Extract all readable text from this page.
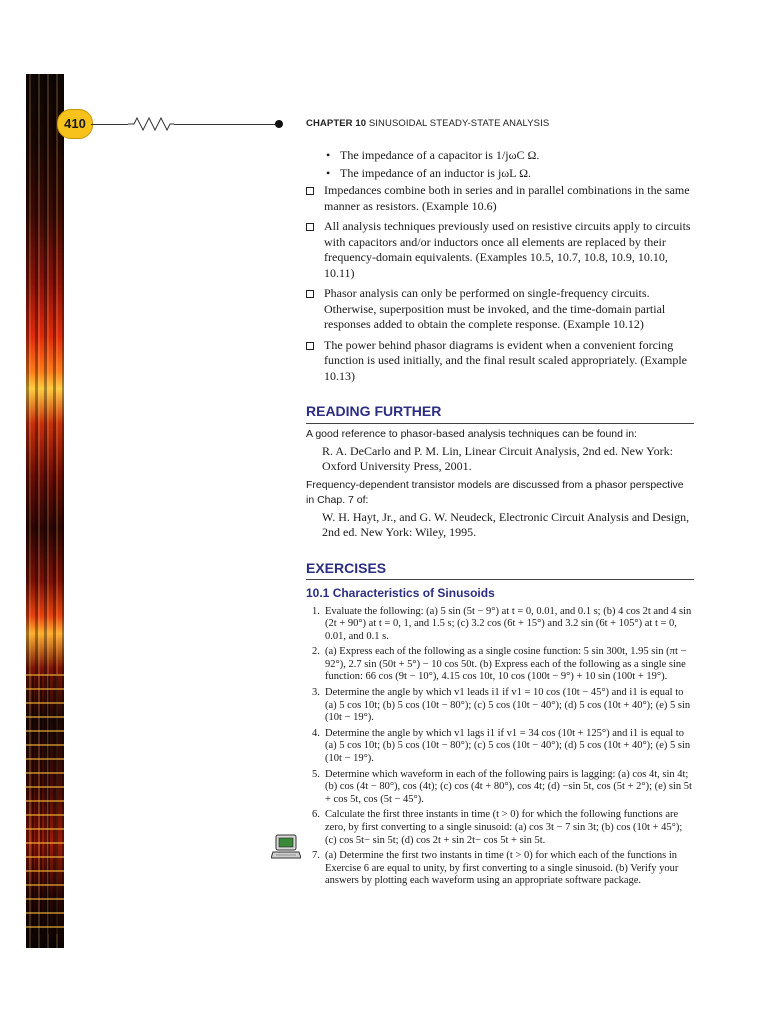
410	CHAPTER 10 SINUSOIDAL STEADY-STATE ANALYSIS

• The impedance of a capacitor is 1/jωC Ω.

• The impedance of an inductor is jωL Ω.

Impedances combine both in series and in parallel combinations in the same manner as resistors. (Example 10.6)
All analysis techniques previously used on resistive circuits apply to circuits with capacitors and/or inductors once all elements are replaced by their frequency-domain equivalents. (Examples 10.5, 10.7, 10.8, 10.9, 10.10, 10.11)
Phasor analysis can only be performed on single-frequency circuits. Otherwise, superposition must be invoked, and the time-domain partial responses added to obtain the complete response. (Example 10.12)
The power behind phasor diagrams is evident when a convenient forcing function is used initially, and the final result scaled appropriately. (Example 10.13)
READING FURTHER

A good reference to phasor-based analysis techniques can be found in:

R. A. DeCarlo and P. M. Lin, Linear Circuit Analysis, 2nd ed. New York: Oxford University Press, 2001.

Frequency-dependent transistor models are discussed from a phasor perspective in Chap. 7 of:

W. H. Hayt, Jr., and G. W. Neudeck, Electronic Circuit Analysis and Design, 2nd ed. New York: Wiley, 1995.

EXERCISES
10.1 Characteristics of Sinusoids
1. Evaluate the following: (a) 5 sin (5t − 9°) at t = 0, 0.01, and 0.1 s; (b) 4 cos 2t and 4 sin (2t + 90°) at t = 0, 1, and 1.5 s; (c) 3.2 cos (6t + 15°) and 3.2 sin (6t + 105°) at t = 0, 0.01, and 0.1 s.
2. (a) Express each of the following as a single cosine function: 5 sin 300t, 1.95 sin (πt − 92°), 2.7 sin (50t + 5°) − 10 cos 50t. (b) Express each of the following as a single sine function: 66 cos (9t − 10°), 4.15 cos 10t, 10 cos (100t − 9°) + 10 sin (100t + 19°).
3. Determine the angle by which v1 leads i1 if v1 = 10 cos (10t − 45°) and i1 is equal to (a) 5 cos 10t; (b) 5 cos (10t − 80°); (c) 5 cos (10t − 40°); (d) 5 cos (10t + 40°); (e) 5 sin (10t − 19°).
4. Determine the angle by which v1 lags i1 if v1 = 34 cos (10t + 125°) and i1 is equal to (a) 5 cos 10t; (b) 5 cos (10t − 80°); (c) 5 cos (10t − 40°); (d) 5 cos (10t + 40°); (e) 5 sin (10t − 19°).
5. Determine which waveform in each of the following pairs is lagging: (a) cos 4t, sin 4t; (b) cos (4t − 80°), cos (4t); (c) cos (4t + 80°), cos 4t; (d) −sin 5t, cos (5t + 2°); (e) sin 5t + cos 5t, cos (5t − 45°).
6. Calculate the first three instants in time (t > 0) for which the following functions are zero, by first converting to a single sinusoid: (a) cos 3t − 7 sin 3t; (b) cos (10t + 45°); (c) cos 5t− sin 5t; (d) cos 2t + sin 2t− cos 5t + sin 5t.
7. (a) Determine the first two instants in time (t > 0) for which each of the functions in Exercise 6 are equal to unity, by first converting to a single sinusoid. (b) Verify your answers by plotting each waveform using an appropriate software package.
